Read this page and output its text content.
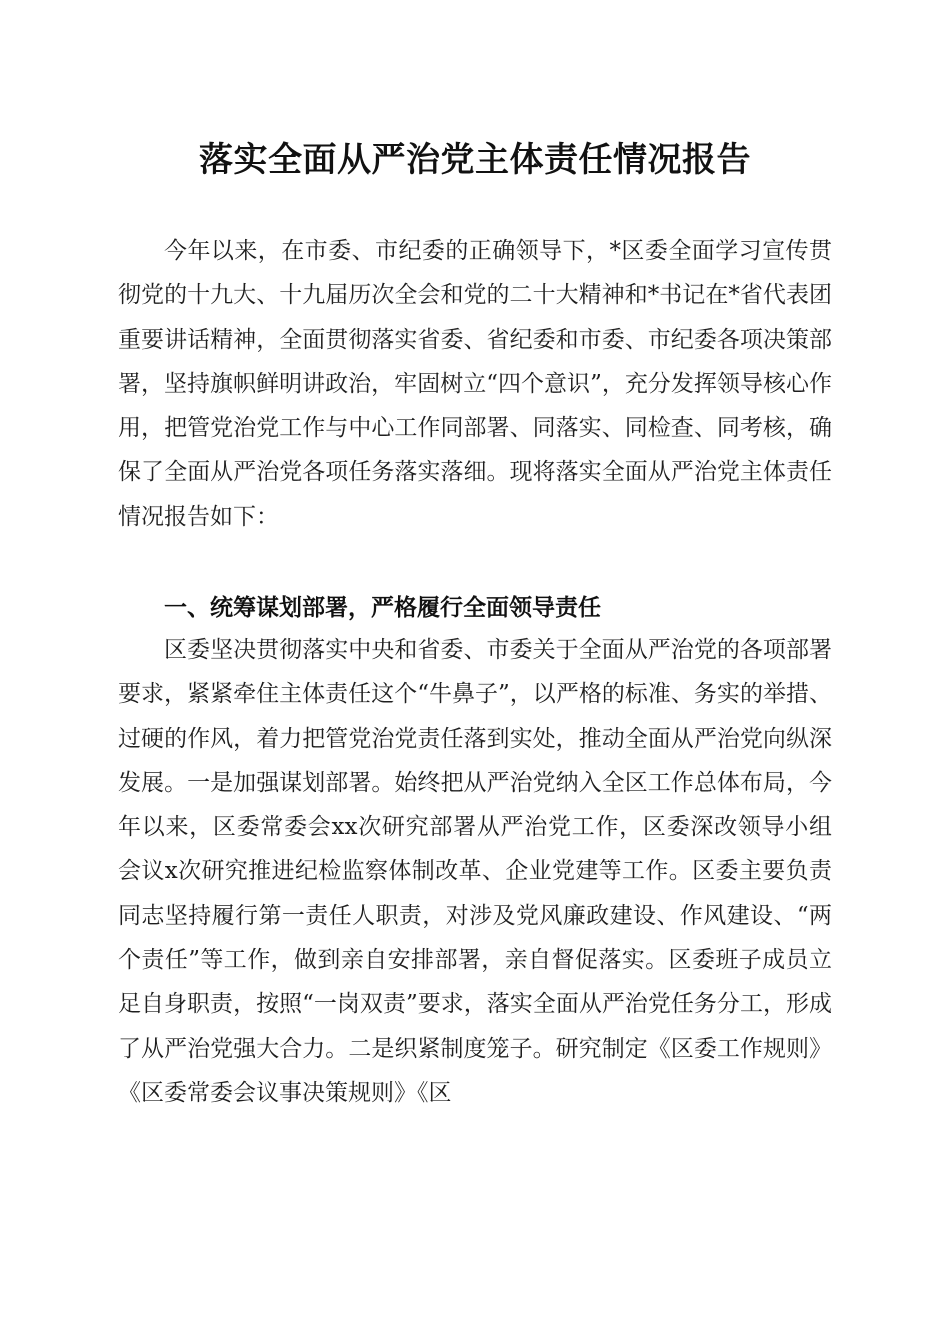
落实全面从严治党主体责任情况报告

今年以来，在市委、市纪委的正确领导下，*区委全面学习宣传贯彻党的十九大、十九届历次全会和党的二十大精神和*书记在*省代表团重要讲话精神，全面贯彻落实省委、省纪委和市委、市纪委各项决策部署，坚持旗帜鲜明讲政治，牢固树立“四个意识”，充分发挥领导核心作用，把管党治党工作与中心工作同部署、同落实、同检查、同考核，确保了全面从严治党各项任务落实落细。现将落实全面从严治党主体责任情况报告如下：

一、统筹谋划部署，严格履行全面领导责任

区委坚决贯彻落实中央和省委、市委关于全面从严治党的各项部署要求，紧紧牵住主体责任这个“牛鼻子”，以严格的标准、务实的举措、过硬的作风，着力把管党治党责任落到实处，推动全面从严治党向纵深发展。一是加强谋划部署。始终把从严治党纳入全区工作总体布局，今年以来，区委常委会xx次研究部署从严治党工作，区委深改领导小组会议x次研究推进纪检监察体制改革、企业党建等工作。区委主要负责同志坚持履行第一责任人职责，对涉及党风廉政建设、作风建设、“两个责任”等工作，做到亲自安排部署，亲自督促落实。区委班子成员立足自身职责，按照“一岗双责”要求，落实全面从严治党任务分工，形成了从严治党强大合力。二是织紧制度笼子。研究制定《区委工作规则》《区委常委会议事决策规则》《区
